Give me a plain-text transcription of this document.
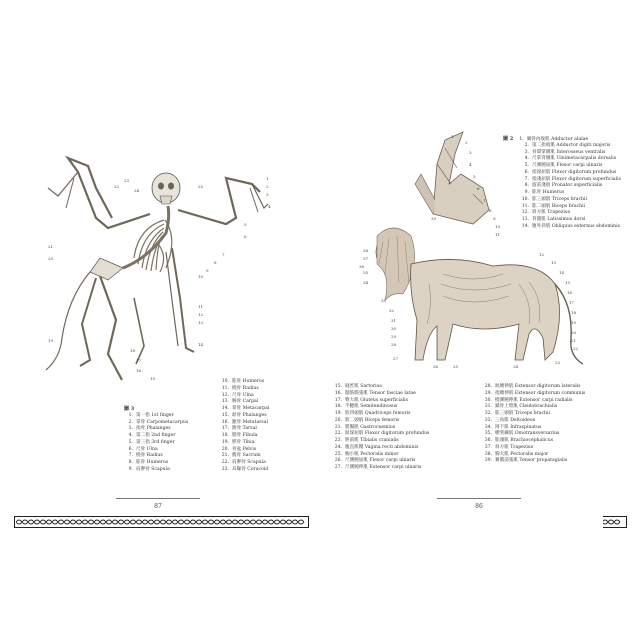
1
2
3
4
5
6
7
8
9
10
11
12
13
14
15
16
17
18
19
20
21
22
23
24
25
圖 3
1. 第一指 1st finger
2. 掌骨 Carpometacarpus
3. 指骨 Phalanges
4. 第二指 2nd finger
5. 第三指 3rd finger
6. 尺骨 Ulna
7. 橈骨 Radius
8. 肱骨 Humerus
9. 肩胛骨 Scapula
10. 肱骨 Humerus
11. 橈骨 Radius
12. 尺骨 Ulna
13. 腕骨 Carpal
14. 掌骨 Metacarpal
15. 趾骨 Phalanges
16. 蹠骨 Metatarsal
17. 跗骨 Tarsal
18. 腓骨 Fibula
19. 脛骨 Tibia
20. 骨盆 Pelvis
21. 薦骨 Sacrum
22. 肩胛骨 Scapula
23. 烏喙骨 Coracoid
87
1
2
3
4
5
6
7
8
9
10
11
12
13
14
15
16
17
18
19
20
21
22
23
24
25
26
27
28
29
30
31
32
33
34
35
36
37
38
39
圖 2 1. 翼骨內收肌 Adductor alulae
2. 第二指收肌 Adductor digiti majoris
3. 骨間掌側肌 Interosseus ventralis
4. 尺掌背側肌 Ulnimetacarpalis dorsalis
5. 尺側腕屈肌 Flexor carpi ulnaris
6. 指深屈肌 Flexor digitorum profundus
7. 指淺屈肌 Flexor digitorum superficialis
8. 旋前淺肌 Pronator superficialis
9. 肱骨 Humerus
10. 肱三頭肌 Triceps brachii
11. 肱二頭肌 Biceps brachii
12. 斜方肌 Trapezius
13. 背闊肌 Latissimus dorsi
14. 腹外斜肌 Obliquus externus abdominis
15. 縫匠肌 Sartorius
16. 闊筋膜張肌 Tensor fasciae latae
17. 臀大肌 Gluteus superficialis
18. 半腱肌 Semitendinosus
19. 股四頭肌 Quadriceps femoris
20. 股二頭肌 Biceps femoris
21. 腓腸肌 Gastrocnemius
22. 趾深屈肌 Flexor digitorum profundus
23. 脛前肌 Tibialis cranialis
24. 腹直肌鞘 Vagina recti abdominis
25. 胸小肌 Pectoralis minor
26. 尺側腕屈肌 Flexor carpi ulnaris
27. 尺側腕伸肌 Extensor carpi ulnaris
28. 趾總伸肌 Extensor digitorum lateralis
29. 指總伸肌 Extensor digitorum communis
30. 橈側腕伸肌 Extensor carpi radialis
31. 鎖骨上臂肌 Cleidobrachialis
32. 肱三頭肌 Triceps brachii
33. 三角肌 Deltoideus
34. 岡下肌 Infraspinatus
35. 横突棘肌 Omotransversarius
36. 肱頭肌 Brachiocephalicus
37. 斜方肌 Trapezius
38. 胸大肌 Pectoralis major
39. 翼膜前張肌 Tensor propatagialis
86
